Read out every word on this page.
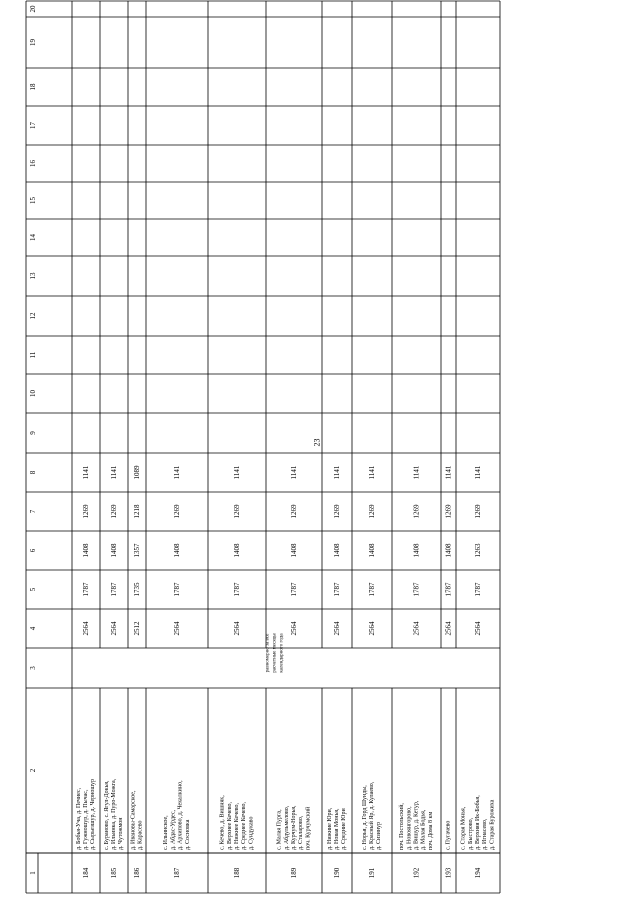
23
1
2
3
4
5
6
7
8
9
10
11
12
13
14
15
16
17
18
19
20
равномерно за все расчетные месяцы календарного года
184
д. Бобья-Уча, д. Печиес, д. Гужношур, д. Пычас, д. Сырьезшур, д. Черношур
2564
1787
1408
1269
1141
185
с. Бураново, с. Ягул-Докья, д. Ильинка, д. Пуро-Можга, д. Чутожмон
2564
1787
1408
1269
1141
186
д. Ивановы-Самарское, д. Карасево
2512
1735
1357
1218
1089
187
с. Ильинское, д. Абдас-Урдес, д. Архипово, д. Чекалкино, д. Сосновка
2564
1787
1408
1269
1141
188
с. Кечево, д. Вишняк, д. Верхнее Кечево, д. Нижнее Кечево, д. Среднее Кечево, д. Сундукаво
2564
1787
1408
1269
1141
189
с. Малая Пурга, д. Абдульмелово, д. Курчум-Норья, д. Сталарово, поч. Курчумский
2564
1787
1408
1269
1141
190
д. Нижние Юри, д. Новая Монья, д. Средние Юри
2564
1787
1408
1269
1141
191
с. Норья, д. Горд Шунды, д. Красный Яр, д. Кулаево, д. Сизинур
2564
1787
1408
1269
1141
192
поч. Постольский, д. Новоянгорово, д. Вишур, д. Кетур, д. Малая Бодья, поч. Дома 8 км
2564
1787
1408
1269
1141
193
с. Пугачево
2564
1787
1408
1269
1141
194
с. Старая Монья, д. Быстрово, д. Верхняя Ик-Бобья, д. Игнасево, д. Старая Бурожиха
2564
1787
1263
1269
1141
